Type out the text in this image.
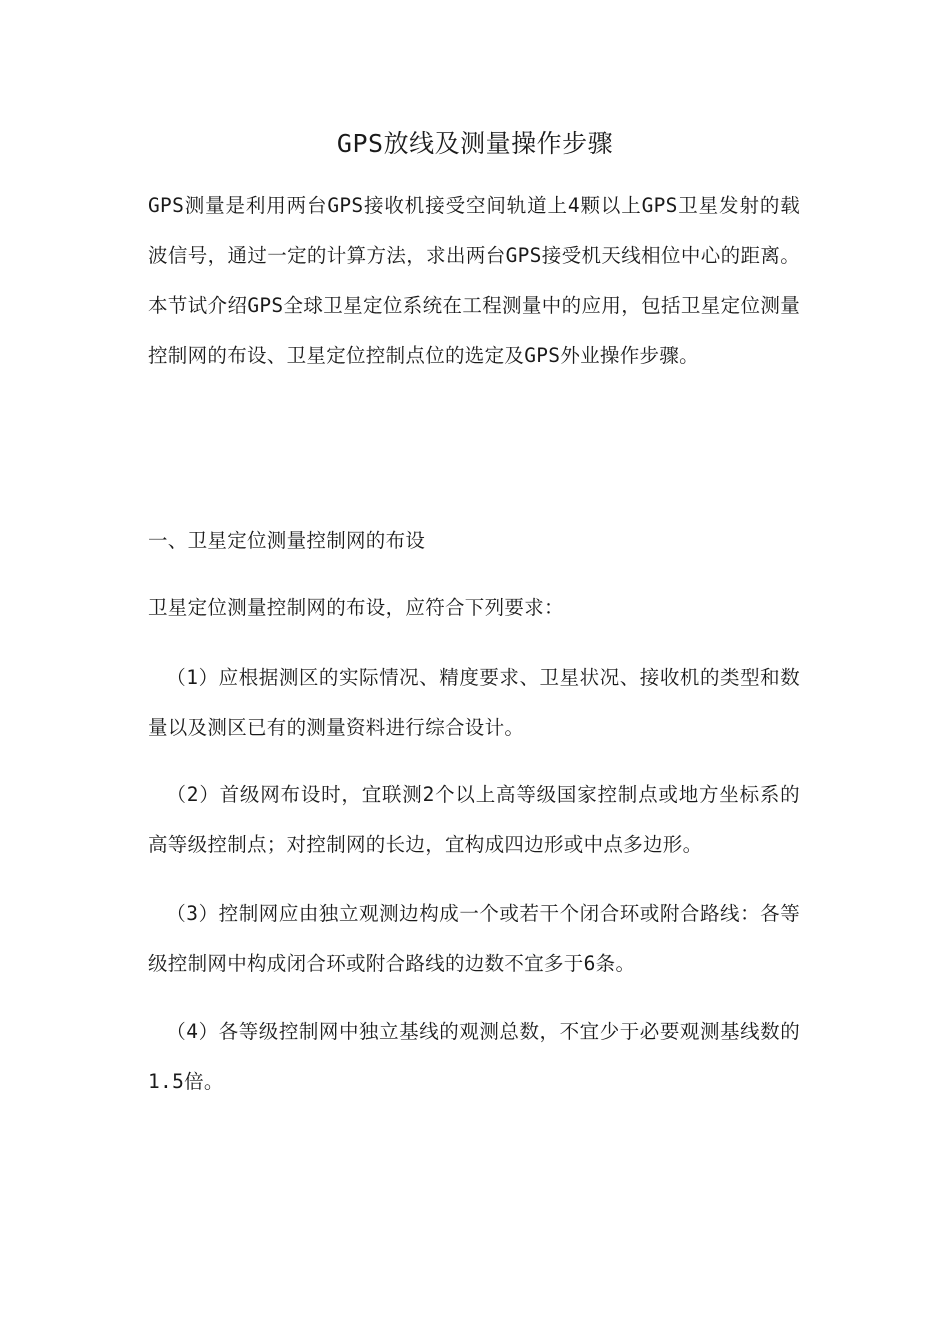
GPS放线及测量操作步骤
GPS测量是利用两台GPS接收机接受空间轨道上4颗以上GPS卫星发射的载波信号，通过一定的计算方法，求出两台GPS接受机天线相位中心的距离。本节试介绍GPS全球卫星定位系统在工程测量中的应用，包括卫星定位测量控制网的布设、卫星定位控制点位的选定及GPS外业操作步骤。
一、卫星定位测量控制网的布设
卫星定位测量控制网的布设，应符合下列要求：
（1）应根据测区的实际情况、精度要求、卫星状况、接收机的类型和数量以及测区已有的测量资料进行综合设计。
（2）首级网布设时，宜联测2个以上高等级国家控制点或地方坐标系的高等级控制点；对控制网的长边，宜构成四边形或中点多边形。
（3）控制网应由独立观测边构成一个或若干个闭合环或附合路线：各等级控制网中构成闭合环或附合路线的边数不宜多于6条。
（4）各等级控制网中独立基线的观测总数，不宜少于必要观测基线数的1.5倍。
